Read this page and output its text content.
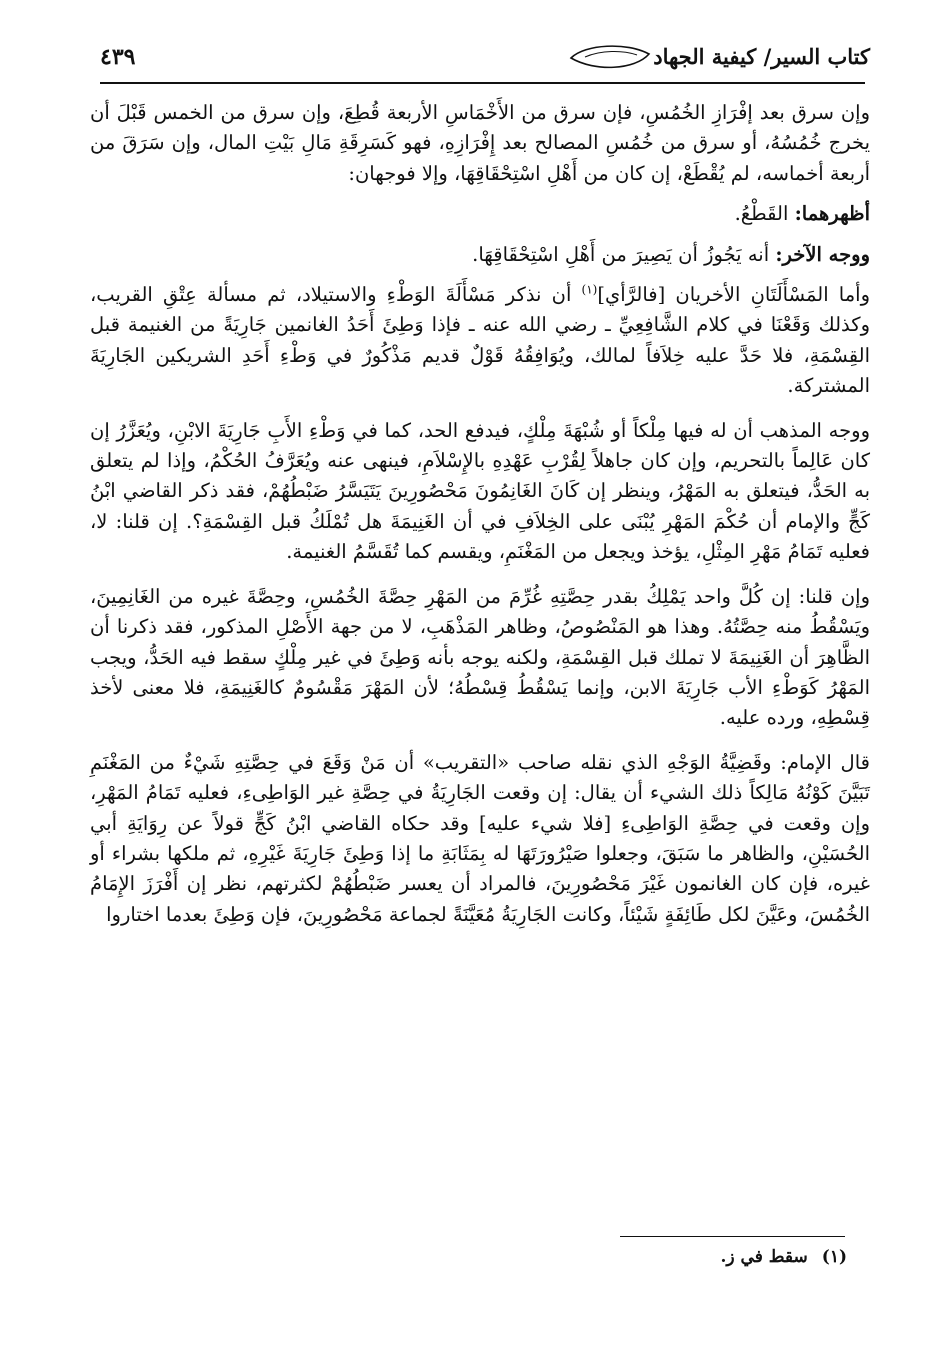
كتاب السير/ كيفية الجهاد
٤٣٩

وإن سرق بعد إفْرَازِ الخُمُسِ، فإن سرق من الأَخْمَاسِ الأربعة قُطِعَ، وإن سرق من الخمس قَبْلَ أن يخرج خُمُسُهُ، أو سرق من خُمُسِ المصالح بعد إِفْرَازِهِ، فهو كَسَرِقَةِ مَالِ بَيْتِ المال، وإن سَرَقَ من أربعة أخماسه، لم يُقْطَعْ، إن كان من أَهْلِ اسْتِحْقَاقِهَا، وإلا فوجهان:

أظهرهما: القَطْعُ.

ووجه الآخر: أنه يَجُوزُ أن يَصِيرَ من أَهْلِ اسْتِحْقَاقِهَا.

وأما المَسْأَلَتَانِ الأخريان [فالرَّأي]$^{(١)}$ أن نذكر مَسْأَلَةَ الوَطْءِ والاستيلاد، ثم مسألة عِتْقِ القريب، وكذلك وَقَعْنَا في كلام الشَّافِعِيِّ ـ رضي الله عنه ـ فإذا وَطِئَ أَحَدُ الغانمين جَارِيَةً من الغنيمة قبل القِسْمَةِ، فلا حَدَّ عليه خِلاَفاً لمالك، ويُوَافِقُهُ قَوْلٌ قديم مَذْكُورٌ في وَطْءِ أَحَدِ الشريكين الجَارِيَةَ المشتركة.

ووجه المذهب أن له فيها مِلْكاً أو شُبْهَةَ مِلْكٍ، فيدفع الحد، كما في وَطْءِ الأَبِ جَارِيَةَ الابْنِ، ويُعَزَّرُ إن كان عَالِماً بالتحريم، وإن كان جاهلاً لِقُرْبِ عَهْدِهِ بالإِسْلاَمِ، فينهى عنه ويُعَرَّفُ الحُكْمُ، وإذا لم يتعلق به الحَدُّ، فيتعلق به المَهْرُ، وينظر إن كَانَ الغَانِمُونَ مَحْصُورِينَ يَتَيَسَّرُ ضَبْطُهُمْ، فقد ذكر القاضي ابْنُ كَجٍّ والإمام أن حُكْمَ المَهْرِ يُبْنَى على الخِلاَفِ في أن الغَنِيمَةَ هل تُمْلَكُ قبل القِسْمَةِ؟. إن قلنا: لا، فعليه تَمَامُ مَهْرِ المِثْلِ، يؤخذ ويجعل من المَغْنَمِ، ويقسم كما تُقَسَّمُ الغنيمة.

وإن قلنا: إن كُلَّ واحد يَمْلِكُ بقدر حِصَّتِهِ غُرِّمَ من المَهْرِ حِصَّةَ الخُمُسِ، وحِصَّةَ غيره من الغَانِمِينَ، ويَسْقُطُ منه حِصَّتُهُ. وهذا هو المَنْصُوصُ، وظاهر المَذْهَبِ، لا من جهة الأَصْلِ المذكور، فقد ذكرنا أن الظَّاهِرَ أن الغَنِيمَةَ لا تملك قبل القِسْمَةِ، ولكنه يوجه بأنه وَطِئَ في غير مِلْكٍ سقط فيه الحَدُّ، ويجب المَهْرُ كَوَطْءِ الأب جَارِيَةَ الابن، وإنما يَسْقُطُ قِسْطُهُ؛ لأن المَهْرَ مَقْسُومٌ كالغَنِيمَةِ، فلا معنى لأخذ قِسْطِهِ، ورده عليه.

قال الإمام: وقَضِيَّةُ الوَجْهِ الذي نقله صاحب «التقريب» أن مَنْ وَقَعَ في حِصَّتِهِ شَيْءٌ من المَغْنَمِ تَبَيَّنَ كَوْنُهُ مَالِكاً ذلك الشيء أن يقال: إن وقعت الجَارِيَةُ في حِصَّةِ غير الوَاطِىءِ، فعليه تَمَامُ المَهْرِ، وإن وقعت في حِصَّةِ الوَاطِىءِ [فلا شيء عليه] وقد حكاه القاضي ابْنُ كَجٍّ قولاً عن رِوَايَةِ أبي الحُسَيْنِ، والظاهر ما سَبَقَ، وجعلوا صَيْرُورَتَهَا له بِمَثَابَةِ ما إذا وَطِئَ جَارِيَةَ غَيْرِهِ، ثم ملكها بشراء أو غيره، فإن كان الغانمون غَيْرَ مَحْصُورِينَ، فالمراد أن يعسر ضَبْطُهُمْ لكثرتهم، نظر إن أَفْرَزَ الإِمَامُ الخُمُسَ، وعَيَّنَ لكل طَائِفَةٍ شَيْئاً، وكانت الجَارِيَةُ مُعَيَّنَةً لجماعة مَحْصُورِينَ، فإن وَطِئَ بعدما اختاروا

(١)سقط في ز.
